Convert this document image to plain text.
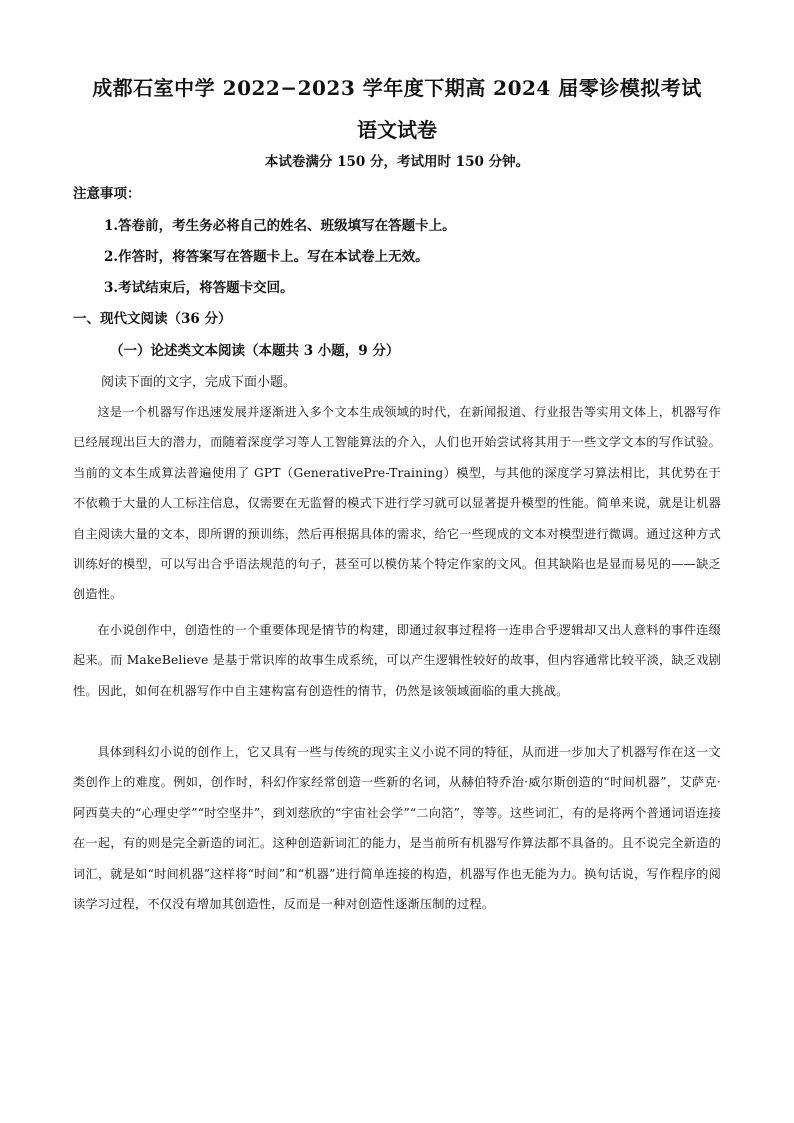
成都石室中学 2022−2023 学年度下期高 2024 届零诊模拟考试
语文试卷
本试卷满分 150 分，考试用时 150 分钟。
注意事项：
1.答卷前，考生务必将自己的姓名、班级填写在答题卡上。
2.作答时，将答案写在答题卡上。写在本试卷上无效。
3.考试结束后，将答题卡交回。
一、现代文阅读（36 分）
（一）论述类文本阅读（本题共 3 小题，9 分）
阅读下面的文字，完成下面小题。

这是一个机器写作迅速发展并逐渐进入多个文本生成领域的时代，在新闻报道、行业报告等实用文体上，机器写作已经展现出巨大的潜力，而随着深度学习等人工智能算法的介入，人们也开始尝试将其用于一些文学文本的写作试验。当前的文本生成算法普遍使用了 GPT（GenerativePre-Training）模型，与其他的深度学习算法相比，其优势在于不依赖于大量的人工标注信息，仅需要在无监督的模式下进行学习就可以显著提升模型的性能。简单来说，就是让机器自主阅读大量的文本，即所谓的预训练，然后再根据具体的需求，给它一些现成的文本对模型进行微调。通过这种方式训练好的模型，可以写出合乎语法规范的句子，甚至可以模仿某个特定作家的文风。但其缺陷也是显而易见的——缺乏创造性。

在小说创作中，创造性的一个重要体现是情节的构建，即通过叙事过程将一连串合乎逻辑却又出人意料的事件连缀起来。而 MakeBelieve 是基于常识库的故事生成系统，可以产生逻辑性较好的故事，但内容通常比较平淡，缺乏戏剧性。因此，如何在机器写作中自主建构富有创造性的情节，仍然是该领域面临的重大挑战。

具体到科幻小说的创作上，它又具有一些与传统的现实主义小说不同的特征，从而进一步加大了机器写作在这一文类创作上的难度。例如，创作时，科幻作家经常创造一些新的名词，从赫伯特乔治·威尔斯创造的“时间机器”，艾萨克·阿西莫夫的“心理史学”“时空坚井”，到刘慈欣的“宇宙社会学”“二向箔”，等等。这些词汇，有的是将两个普通词语连接在一起，有的则是完全新造的词汇。这种创造新词汇的能力，是当前所有机器写作算法都不具备的。且不说完全新造的词汇，就是如“时间机器”这样将“时间”和“机器”进行简单连接的构造，机器写作也无能为力。换句话说，写作程序的阅读学习过程，不仅没有增加其创造性，反而是一种对创造性逐渐压制的过程。
